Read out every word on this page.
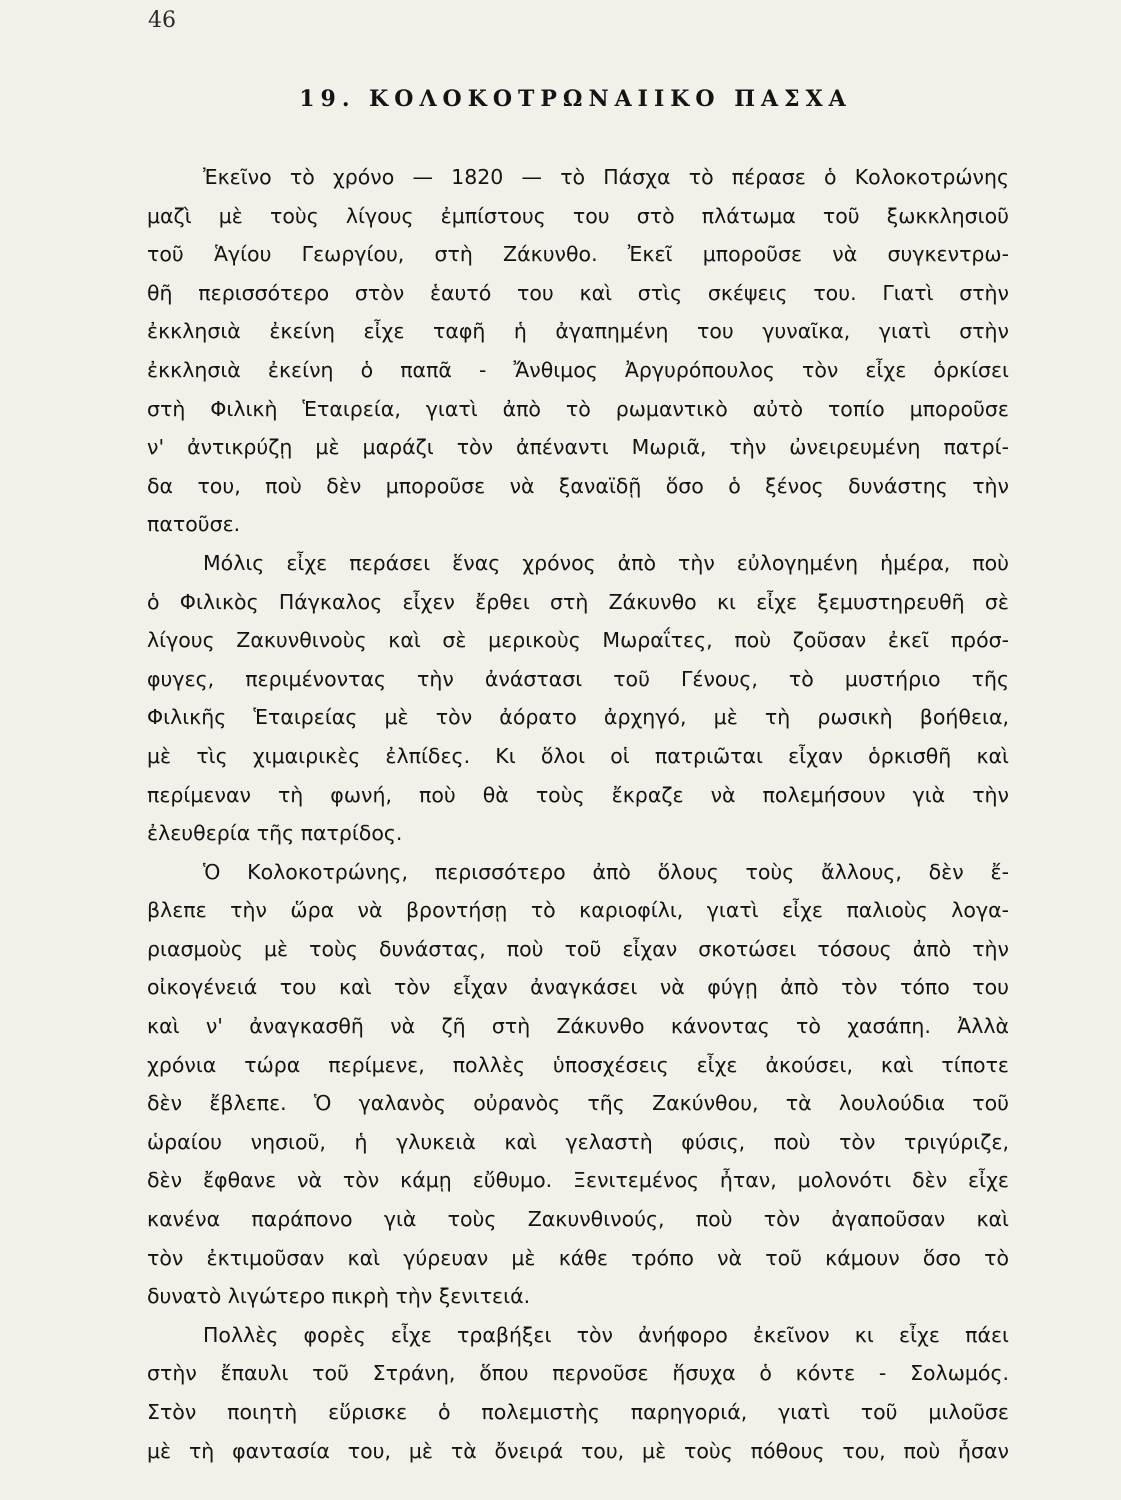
46
19. ΚΟΛΟΚΟΤΡΩΝΑΙΙΚΟ ΠΑΣΧΑ
Ἐκεῖνο τὸ χρόνο — 1820 — τὸ Πάσχα τὸ πέρασε ὁ Κολοκοτρώνης
μαζὶ μὲ τοὺς λίγους ἐμπίστους του στὸ πλάτωμα τοῦ ξωκκλησιοῦ
τοῦ Ἁγίου Γεωργίου, στὴ Ζάκυνθο. Ἐκεῖ μποροῦσε νὰ συγκεντρω-
θῆ περισσότερο στὸν ἑαυτό του καὶ στὶς σκέψεις του. Γιατὶ στὴν
ἐκκλησιὰ ἐκείνη εἶχε ταφῆ ἡ ἀγαπημένη του γυναῖκα, γιατὶ στὴν
ἐκκλησιὰ ἐκείνη ὁ παπᾶ - Ἄνθιμος Ἀργυρόπουλος τὸν εἶχε ὁρκίσει
στὴ Φιλικὴ Ἑταιρεία, γιατὶ ἀπὸ τὸ ρωμαντικὸ αὐτὸ τοπίο μποροῦσε
ν' ἀντικρύζῃ μὲ μαράζι τὸν ἀπέναντι Μωριᾶ, τὴν ὠνειρευμένη πατρί-
δα του, ποὺ δὲν μποροῦσε νὰ ξαναϊδῇ ὅσο ὁ ξένος δυνάστης τὴν
πατοῦσε.
Μόλις εἶχε περάσει ἕνας χρόνος ἀπὸ τὴν εὐλογημένη ἡμέρα, ποὺ
ὁ Φιλικὸς Πάγκαλος εἶχεν ἔρθει στὴ Ζάκυνθο κι εἶχε ξεμυστηρευθῆ σὲ
λίγους Ζακυνθινοὺς καὶ σὲ μερικοὺς Μωραΐτες, ποὺ ζοῦσαν ἐκεῖ πρόσ-
φυγες, περιμένοντας τὴν ἀνάστασι τοῦ Γένους, τὸ μυστήριο τῆς
Φιλικῆς Ἑταιρείας μὲ τὸν ἀόρατο ἀρχηγό, μὲ τὴ ρωσικὴ βοήθεια,
μὲ τὶς χιμαιρικὲς ἐλπίδες. Κι ὅλοι οἱ πατριῶται εἶχαν ὁρκισθῆ καὶ
περίμεναν τὴ φωνή, ποὺ θὰ τοὺς ἔκραζε νὰ πολεμήσουν γιὰ τὴν
ἐλευθερία τῆς πατρίδος.
Ὁ Κολοκοτρώνης, περισσότερο ἀπὸ ὅλους τοὺς ἄλλους, δὲν ἔ-
βλεπε τὴν ὥρα νὰ βροντήσῃ τὸ καριοφίλι, γιατὶ εἶχε παλιοὺς λογα-
ριασμοὺς μὲ τοὺς δυνάστας, ποὺ τοῦ εἶχαν σκοτώσει τόσους ἀπὸ τὴν
οἰκογένειά του καὶ τὸν εἶχαν ἀναγκάσει νὰ φύγῃ ἀπὸ τὸν τόπο του
καὶ ν' ἀναγκασθῆ νὰ ζῆ στὴ Ζάκυνθο κάνοντας τὸ χασάπη. Ἀλλὰ
χρόνια τώρα περίμενε, πολλὲς ὑποσχέσεις εἶχε ἀκούσει, καὶ τίποτε
δὲν ἔβλεπε. Ὁ γαλανὸς οὐρανὸς τῆς Ζακύνθου, τὰ λουλούδια τοῦ
ὡραίου νησιοῦ, ἡ γλυκειὰ καὶ γελαστὴ φύσις, ποὺ τὸν τριγύριζε,
δὲν ἔφθανε νὰ τὸν κάμῃ εὔθυμο. Ξενιτεμένος ἦταν, μολονότι δὲν εἶχε
κανένα παράπονο γιὰ τοὺς Ζακυνθινούς, ποὺ τὸν ἀγαποῦσαν καὶ
τὸν ἐκτιμοῦσαν καὶ γύρευαν μὲ κάθε τρόπο νὰ τοῦ κάμουν ὅσο τὸ
δυνατὸ λιγώτερο πικρὴ τὴν ξενιτειά.
Πολλὲς φορὲς εἶχε τραβήξει τὸν ἀνήφορο ἐκεῖνον κι εἶχε πάει
στὴν ἔπαυλι τοῦ Στράνη, ὅπου περνοῦσε ἥσυχα ὁ κόντε - Σολωμός.
Στὸν ποιητὴ εὕρισκε ὁ πολεμιστὴς παρηγοριά, γιατὶ τοῦ μιλοῦσε
μὲ τὴ φαντασία του, μὲ τὰ ὄνειρά του, μὲ τοὺς πόθους του, ποὺ ἦσαν
